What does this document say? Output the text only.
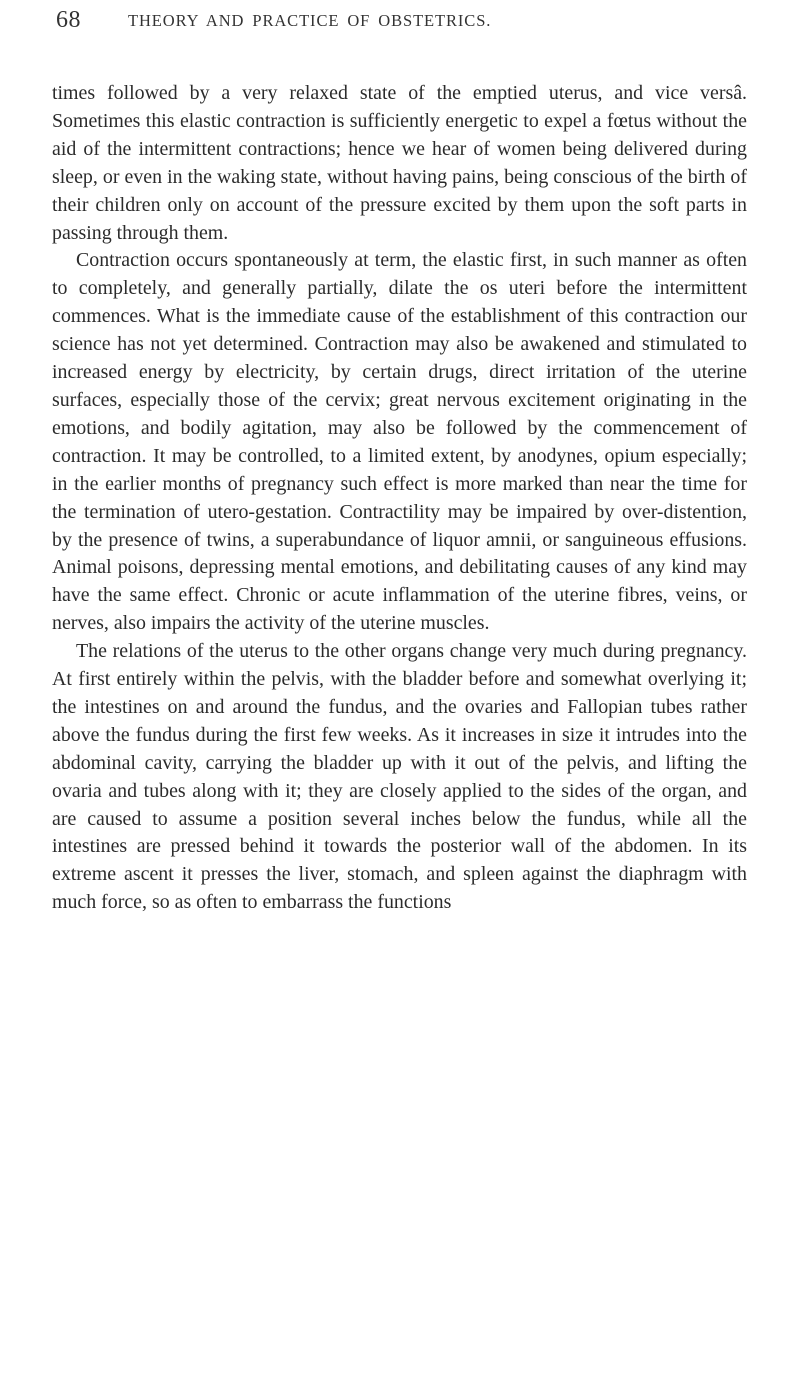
68	THEORY AND PRACTICE OF OBSTETRICS.

times followed by a very relaxed state of the emptied uterus, and vice versâ. Sometimes this elastic contraction is sufficiently energetic to expel a fœtus without the aid of the intermittent contractions; hence we hear of women being delivered during sleep, or even in the waking state, without having pains, being conscious of the birth of their children only on account of the pressure excited by them upon the soft parts in passing through them.

Contraction occurs spontaneously at term, the elastic first, in such manner as often to completely, and generally partially, dilate the os uteri before the intermittent commences. What is the immediate cause of the establishment of this contraction our science has not yet determined. Contraction may also be awakened and stimulated to increased energy by electricity, by certain drugs, direct irritation of the uterine surfaces, especially those of the cervix; great nervous excitement originating in the emotions, and bodily agitation, may also be followed by the commencement of contraction. It may be controlled, to a limited extent, by anodynes, opium especially; in the earlier months of pregnancy such effect is more marked than near the time for the termination of utero-gestation. Contractility may be impaired by over-distention, by the presence of twins, a superabundance of liquor amnii, or sanguineous effusions. Animal poisons, depressing mental emotions, and debilitating causes of any kind may have the same effect. Chronic or acute inflammation of the uterine fibres, veins, or nerves, also impairs the activity of the uterine muscles.

The relations of the uterus to the other organs change very much during pregnancy. At first entirely within the pelvis, with the bladder before and somewhat overlying it; the intestines on and around the fundus, and the ovaries and Fallopian tubes rather above the fundus during the first few weeks. As it increases in size it intrudes into the abdominal cavity, carrying the bladder up with it out of the pelvis, and lifting the ovaria and tubes along with it; they are closely applied to the sides of the organ, and are caused to assume a position several inches below the fundus, while all the intestines are pressed behind it towards the posterior wall of the abdomen. In its extreme ascent it presses the liver, stomach, and spleen against the diaphragm with much force, so as often to embarrass the functions
